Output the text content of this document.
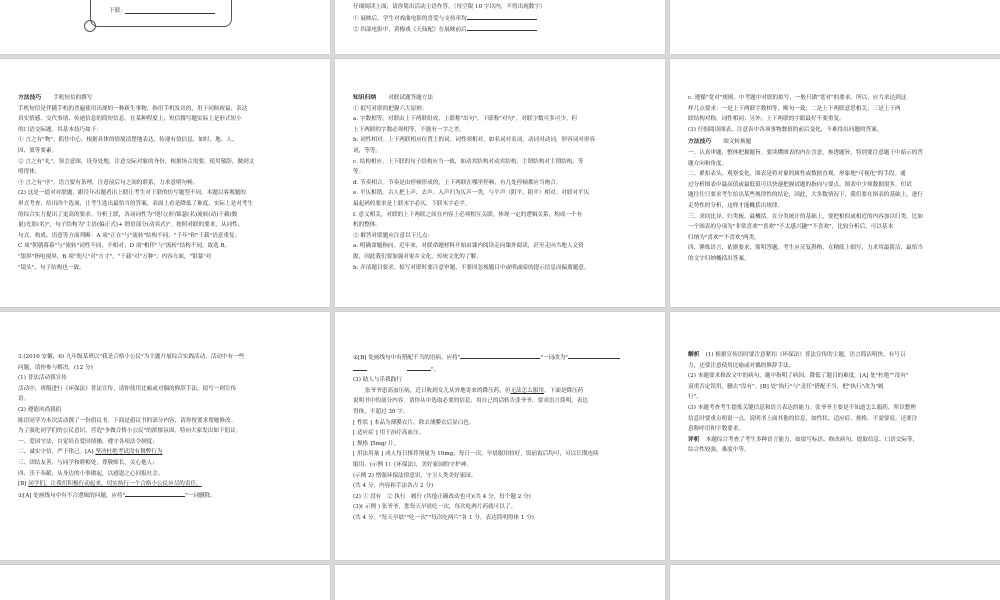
下联：

仔细阅读上面，请你简出活动主语作答。（每空限 10 字以内，不得出现数字）

① 展映后，学生对戏曲电影的喜爱与支持率均

② 四部电影中，黄梅戏《天仙配》在展映前后

方法技巧 手机短信的撰写

手机短信是伴随手机的普遍使用出现的一种新生事物，指用手机发出的，用于问候祝福、表达

真实情感、交代事情、传递信息的简短信息。在某种程度上，短信撰写题实际上是形式短小

的口语交际题。其基本技巧如下：

① 言之有"物"。抓住中心，根据具体的情境清楚地表达，传递有效信息，如时、地、人、

因、果等要素。

② 言之有"礼"。领会意图，设身处地，注意交际对象的身份，根据场合需要，使用敬辞，做到文

明得体。

③ 言之有"序"。语言要有条理，注意前后句之间的联系，力求意明句畅。

(2) 这是一道对对联题，跟往年出题者出上联让考生对下联的仿写题型不同。本题以客观题的

形式考查，给出四个选项，让考生选出最恰当的答案，表面上看是降低了难度，实际上是对考生

的综合实力提出了更高的要求。分析上联，各词词性为"咫尺(形)锦瑟(名)流转(动)千載(数

量)光影(名)"，句子结构为"主语(偏正式)+ 谓语部分(动宾式)"。按照对联的要求，从词性、

句式、构成、语意等方面判断：A 项"正在"与"流转"结构不同，"千年"和"千载"语意重复；

C 项"朝朝暮暮"与"流转"词性不同，不相对；D 项"相伴"与"流转"结构不同。故选 B。

"银屏"指电视屏，B 项"咫尺"对"方寸"，"千载"对"万种"；内容方面，"银幕"对

"镜头"，句子结构也一致。

知识归纳 对联试题答题方法

① 拟写对联的把握六大原则：

a. 字数相等。对联由上下两联组成，上联称"出句"，下联称"对句"。对联字数可多可少，但

上下两联的字数必须相等，不能有一字之差。

b. 词性相对。上下两联相应位置上的词，词性须相对，如名词对名词，动词对动词，形容词对形容

词，等等。

c. 结构相应。上下联的句子结构应当一致，如动宾结构对动宾结构，主谓结构对主谓结构，等

等。

d. 节奏相合。节奏是由停顿形成的，上下两联在哪里停顿，有几处停顿都应当吻合。

e. 平仄相谐。古人把上声、去声、入声归为仄声一类，与平声（阴平、阳平）相对。对联对平仄

最起码的要求是上联末字必仄，下联末字必平。

f. 意义相关。对联的上下两联之间在内容上必须相互关联，体现一定的逻辑关系，构成一个有

机的整体。

② 解答对联题应注意以下几点：

a. 明确命题指向。近年来，对联命题材料开始由课内阅读走向课外阅读，甚至走向当地人文资

源，因此我们要加强对家乡文化、传统文化的了解。

b. 弄清题目要求。拟写对联时要注意审题，不要因忽视题目中或明或暗的提示信息而偏离题意。

c. 遵循"宽对"规则。中考题中对联的拟写，一般只做"宽对"的要求。所以，应力求达到这

样几点要求：一是上下两联字数相等，断句一致；二是上下两联意思相关；三是上下两

联结构对称，词性相同；另外，上下两联的字眼最好不要重复。

(3) 仔细阅读图表，注意表中各项事物数值的前后变化，不难得出问题的答案。

方法技巧 图文转换题

一、认真审题，整体把握题旨。要读懂图表的内在含意，参透题旨，特别要注意题干中暗示的答

题方向和角度。

二、紧扣表头，观察变化。图表是将对象的属性或数据直观、形象地"可视化"的手段。通

过分析图表中最高值或最低值可以快速把握试题的指向与要点。图表中少须数据很多，但试

题往往只要求考生给出某些规律性的结论，因此，大多数情况下，我们要在图表的基础上，进行

走势性的分析，这样才能概括出规律。

三、求同比异，归类梳，最概括。在分类统计的基础上，要把相似或相近的内容加以归类。比如

一个图表的分项为"非常喜欢""喜欢""不太感兴趣""不喜欢"，比较分析后，可以基本

归纳为"喜欢""不喜欢"两类。

四、锤炼语言，依据要求，简明答题。考生应反复斟酌，在精练上细写，力求用最简洁、最恰当

的文字归纳概括出答案。

3.(2016 安徽，6) 九年级某班以"我是合格小公民"为主题开展综合实践活动。活动中有一些

问题，请你参与解决。(12 分)

(1) 普法活动我宣传

活动中，班级进行《环保法》普法宣传，请你使用比喻或对偶的修辞手法，拟写一则宣传

语。

(2) 遵德风尚我倡

陈语同学为本次活动撰了一份倡议书。下面是倡议书的部分内容，请你按要求帮她修改。

为了强化同学们的公民意识，营造"争做合格小公民"的浓郁氛围，特向大家发出如下倡议：

一、爱国守法，自觉培育爱国情操，遵守各项法令制度；

二、诚实守信，严于律己。[A] 坚决杜绝考试没有舞弊行为

三、团结友善，与同学和睦相处，尊敬师长，关心他人；

四、乐于奉献，从身边的小事做起，以感恩之心回报社会。

[B] 同学们，让我们积极行动起来，切实执行一个合格小公民应尽的责任。

①[A] 处画线句中有不合逻辑的问题，应将"	"一词删除。

②[B] 处画线句中有搭配不当的语病，应将"	"一词改为"

"。

(3) 助人与乐我践行

张爷爷患高血压病，近日收到女儿从外地寄来的降压药，但无法怎么服用。下面是降压药

说明书中的部分内容。请你从中选取必要的信息，用自己的话转告张爷爷，要求语言简明，表达

得体，不超过 30 字。

[ 性状 ] 本品为薄膜衣片，除去薄膜衣后显白色。

[ 适应症 ] 用于治疗高血压。

[ 规格 ]5mg/ 片。

[ 用法用量 ] 成人每日推荐剂量为 10mg，每日一次，早晨服用较好，饭前饭后均可，可以长期连续

服用。(示例 1)《环保法》，美好家园的守护神。

(示例 2) 增强环保法律意识，守卫人类美好家园。

(共 4 分，内容和手法各占 2 分)

(2) ① 没有　② 执行　履行 (其他正确改动也可)(共 4 分，每个题 2 分)

(3)( 示例 ) 张爷爷，您每天早晨吃一次，每次吃两片药就可以了。

(共 4 分。"每天早晨""吃一次""每次吃两片"各 1 分，表达简明得体 1 分)

解析 (1) 根据宣传语时要注意紧扣《环保法》普法宣传的主题，语言简洁明快，有号召

力，还要注意使用比喻或对偶的修辞手法。

(2) 本题要求修改文中的病句，题中指明了病因，降低了题目的难度。[A] 处"杜绝""没有"

双重否定误用，删去"没有"。[B] 处"执行"与"责任"搭配不当，把"执行"改为"履

行"。

(3) 本题考查考生提炼关键信息和语言表达的能力。张爷爷主要是不知道怎么服药，所以整理

信息时要重点明说一点。说明书上面其他的信息，如性状、适应症、规格，不需要说。还要注

意称呼语和字数要求。

评析 本题综合考查了考生多种语言能力，如拟写标语、修改病句、提取信息、口语交际等，

综合性较强，难度中等。
